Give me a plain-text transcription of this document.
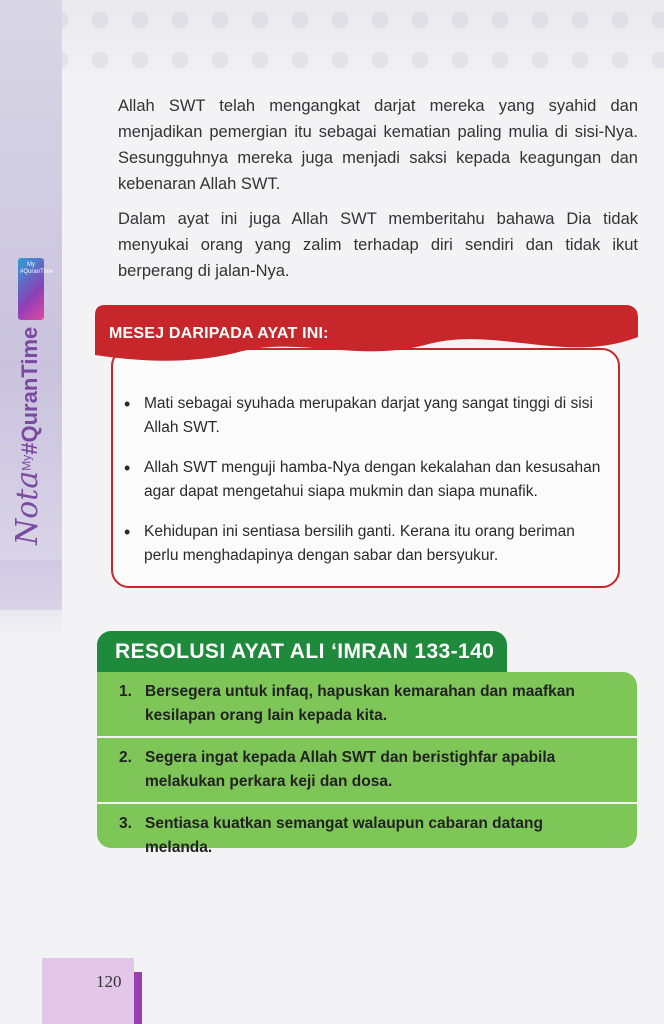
My #QuranTime
Nota$^{My}$#QuranTime

Allah SWT telah mengangkat darjat mereka yang syahid dan menjadikan pemergian itu sebagai kematian paling mulia di sisi-Nya. Sesungguhnya mereka juga menjadi saksi kepada keagungan dan kebenaran Allah SWT.

Dalam ayat ini juga Allah SWT memberitahu bahawa Dia tidak menyukai orang yang zalim terhadap diri sendiri dan tidak ikut berperang di jalan-Nya.

MESEJ DARIPADA AYAT INI:
• Mati sebagai syuhada merupakan darjat yang sangat tinggi di sisi Allah SWT.
• Allah SWT menguji hamba-Nya dengan kekalahan dan kesusahan agar dapat mengetahui siapa mukmin dan siapa munafik.
• Kehidupan ini sentiasa bersilih ganti. Kerana itu orang beriman perlu menghadapinya dengan sabar dan bersyukur.
RESOLUSI AYAT ALI ‘IMRAN 133-140
1. Bersegera untuk infaq, hapuskan kemarahan dan maafkan kesilapan orang lain kepada kita.
2. Segera ingat kepada Allah SWT dan beristighfar apabila melakukan perkara keji dan dosa.
3. Sentiasa kuatkan semangat walaupun cabaran datang melanda.
120
